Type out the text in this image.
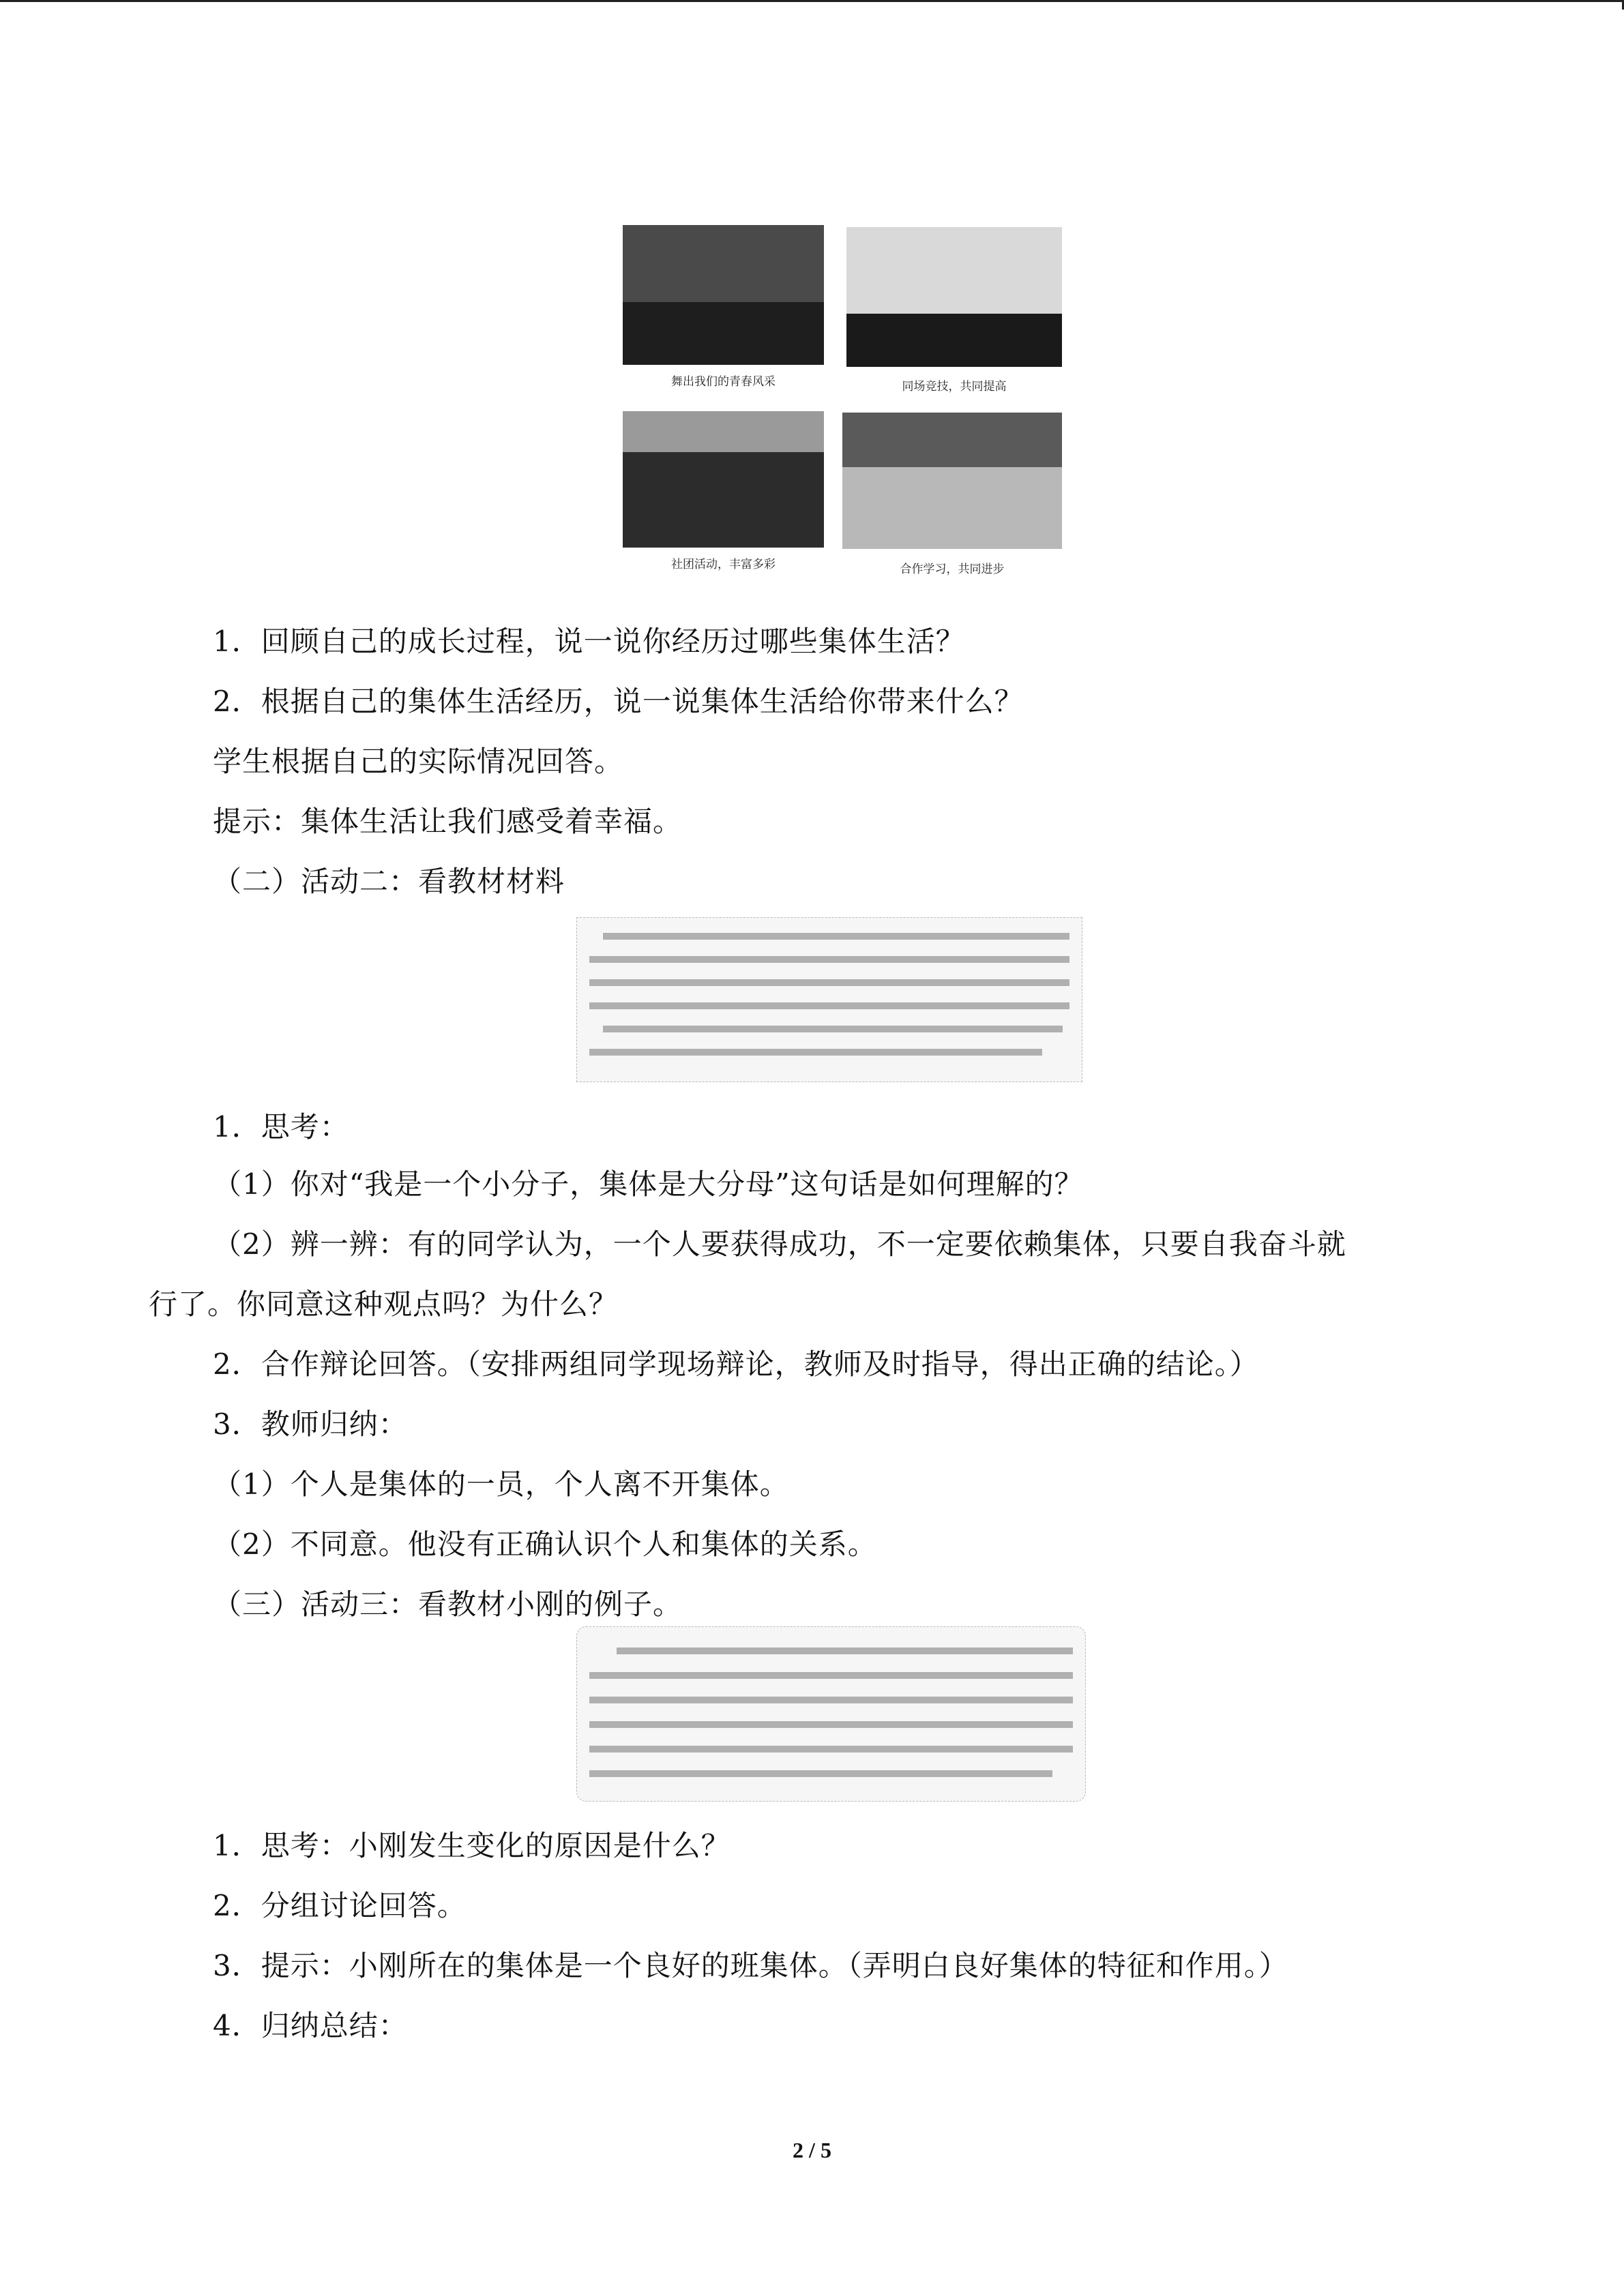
舞出我们的青春风采	同场竞技，共同提高
社团活动，丰富多彩	合作学习，共同进步
1．回顾自己的成长过程，说一说你经历过哪些集体生活？
2．根据自己的集体生活经历，说一说集体生活给你带来什么？
学生根据自己的实际情况回答。
提示：集体生活让我们感受着幸福。
（二）活动二：看教材材料
1．思考：
（1）你对“我是一个小分子，集体是大分母”这句话是如何理解的？
（2）辨一辨：有的同学认为，一个人要获得成功，不一定要依赖集体，只要自我奋斗就
行了。你同意这种观点吗？为什么？
2．合作辩论回答。（安排两组同学现场辩论，教师及时指导，得出正确的结论。）
3．教师归纳：
（1）个人是集体的一员，个人离不开集体。
（2）不同意。他没有正确认识个人和集体的关系。
（三）活动三：看教材小刚的例子。
1．思考：小刚发生变化的原因是什么？
2．分组讨论回答。
3．提示：小刚所在的集体是一个良好的班集体。（弄明白良好集体的特征和作用。）
4．归纳总结：
2 / 5
